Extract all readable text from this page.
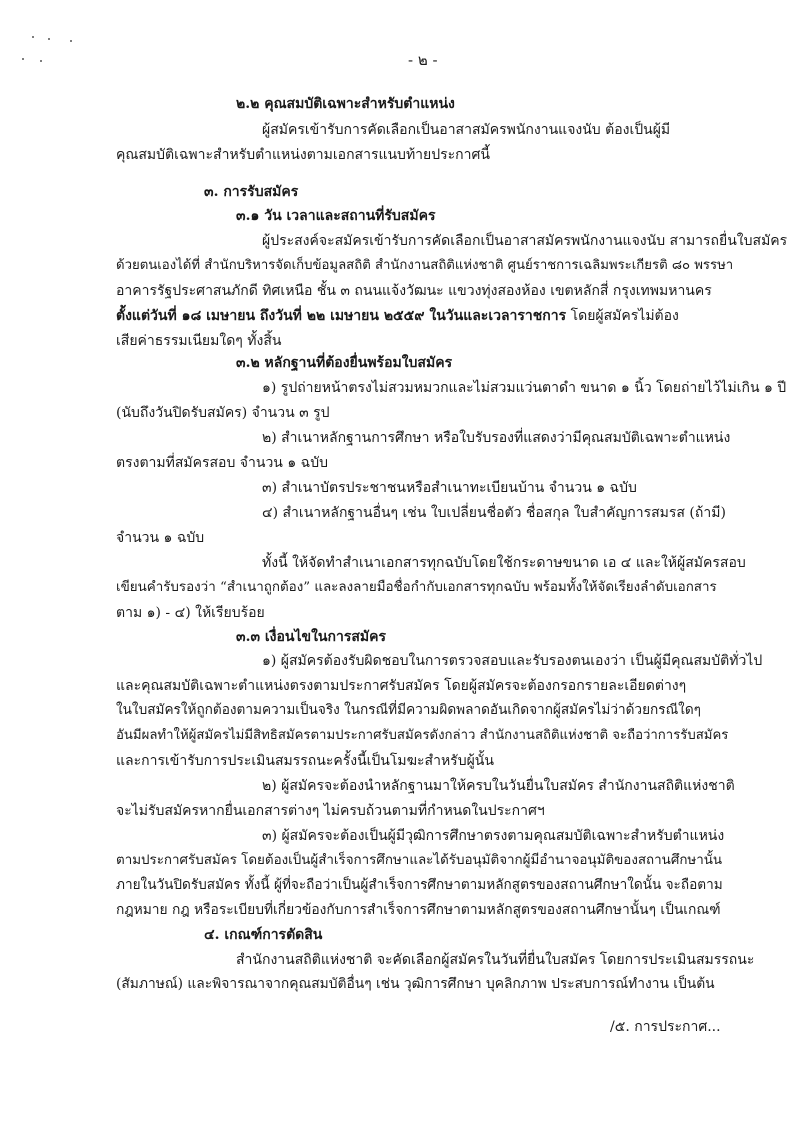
- ๒ -
๒.๒ คุณสมบัติเฉพาะสำหรับตำแหน่ง
ผู้สมัครเข้ารับการคัดเลือกเป็นอาสาสมัครพนักงานแจงนับ ต้องเป็นผู้มี
คุณสมบัติเฉพาะสำหรับตำแหน่งตามเอกสารแนบท้ายประกาศนี้
๓. การรับสมัคร
๓.๑ วัน เวลาและสถานที่รับสมัคร
ผู้ประสงค์จะสมัครเข้ารับการคัดเลือกเป็นอาสาสมัครพนักงานแจงนับ สามารถยื่นใบสมัคร
ด้วยตนเองได้ที่ สำนักบริหารจัดเก็บข้อมูลสถิติ สำนักงานสถิติแห่งชาติ ศูนย์ราชการเฉลิมพระเกียรติ ๘๐ พรรษา
อาคารรัฐประศาสนภักดี ทิศเหนือ ชั้น ๓ ถนนแจ้งวัฒนะ แขวงทุ่งสองห้อง เขตหลักสี่ กรุงเทพมหานคร
ตั้งแต่วันที่ ๑๘ เมษายน ถึงวันที่ ๒๒ เมษายน ๒๕๕๙ ในวันและเวลาราชการ โดยผู้สมัครไม่ต้อง
เสียค่าธรรมเนียมใดๆ ทั้งสิ้น
๓.๒ หลักฐานที่ต้องยื่นพร้อมใบสมัคร
๑) รูปถ่ายหน้าตรงไม่สวมหมวกและไม่สวมแว่นตาดำ ขนาด ๑ นิ้ว โดยถ่ายไว้ไม่เกิน ๑ ปี
(นับถึงวันปิดรับสมัคร) จำนวน ๓ รูป
๒) สำเนาหลักฐานการศึกษา หรือใบรับรองที่แสดงว่ามีคุณสมบัติเฉพาะตำแหน่ง
ตรงตามที่สมัครสอบ จำนวน ๑ ฉบับ
๓) สำเนาบัตรประชาชนหรือสำเนาทะเบียนบ้าน จำนวน ๑ ฉบับ
๔) สำเนาหลักฐานอื่นๆ เช่น ใบเปลี่ยนชื่อตัว ชื่อสกุล ใบสำคัญการสมรส (ถ้ามี)
จำนวน ๑ ฉบับ
ทั้งนี้ ให้จัดทำสำเนาเอกสารทุกฉบับโดยใช้กระดาษขนาด เอ ๔ และให้ผู้สมัครสอบ
เขียนคำรับรองว่า “สำเนาถูกต้อง” และลงลายมือชื่อกำกับเอกสารทุกฉบับ พร้อมทั้งให้จัดเรียงลำดับเอกสาร
ตาม ๑) - ๔) ให้เรียบร้อย
๓.๓ เงื่อนไขในการสมัคร
๑) ผู้สมัครต้องรับผิดชอบในการตรวจสอบและรับรองตนเองว่า เป็นผู้มีคุณสมบัติทั่วไป
และคุณสมบัติเฉพาะตำแหน่งตรงตามประกาศรับสมัคร โดยผู้สมัครจะต้องกรอกรายละเอียดต่างๆ
ในใบสมัครให้ถูกต้องตามความเป็นจริง ในกรณีที่มีความผิดพลาดอันเกิดจากผู้สมัครไม่ว่าด้วยกรณีใดๆ
อันมีผลทำให้ผู้สมัครไม่มีสิทธิสมัครตามประกาศรับสมัครดังกล่าว สำนักงานสถิติแห่งชาติ จะถือว่าการรับสมัคร
และการเข้ารับการประเมินสมรรถนะครั้งนี้เป็นโมฆะสำหรับผู้นั้น
๒) ผู้สมัครจะต้องนำหลักฐานมาให้ครบในวันยื่นใบสมัคร สำนักงานสถิติแห่งชาติ
จะไม่รับสมัครหากยื่นเอกสารต่างๆ ไม่ครบถ้วนตามที่กำหนดในประกาศฯ
๓) ผู้สมัครจะต้องเป็นผู้มีวุฒิการศึกษาตรงตามคุณสมบัติเฉพาะสำหรับตำแหน่ง
ตามประกาศรับสมัคร โดยต้องเป็นผู้สำเร็จการศึกษาและได้รับอนุมัติจากผู้มีอำนาจอนุมัติของสถานศึกษานั้น
ภายในวันปิดรับสมัคร ทั้งนี้ ผู้ที่จะถือว่าเป็นผู้สำเร็จการศึกษาตามหลักสูตรของสถานศึกษาใดนั้น จะถือตาม
กฎหมาย กฎ หรือระเบียบที่เกี่ยวข้องกับการสำเร็จการศึกษาตามหลักสูตรของสถานศึกษานั้นๆ เป็นเกณฑ์
๔. เกณฑ์การตัดสิน
สำนักงานสถิติแห่งชาติ จะคัดเลือกผู้สมัครในวันที่ยื่นใบสมัคร โดยการประเมินสมรรถนะ
(สัมภาษณ์) และพิจารณาจากคุณสมบัติอื่นๆ เช่น วุฒิการศึกษา บุคลิกภาพ ประสบการณ์ทำงาน เป็นต้น
/๕. การประกาศ...
